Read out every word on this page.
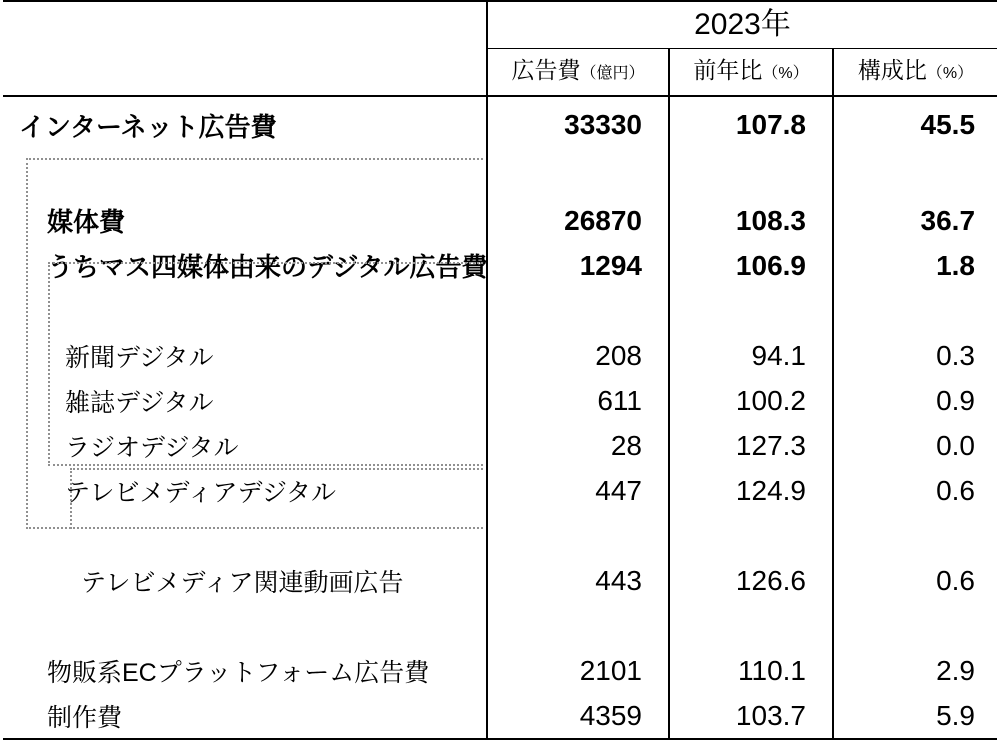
	2023年		
	広告費（億円）	前年比（%）	構成比（%）
インターネット広告費	33330	107.8	45.5

媒体費	26870	108.3	36.7
うちマス四媒体由来のデジタル広告費	1294	106.9	1.8

新聞デジタル	208	94.1	0.3
雑誌デジタル	611	100.2	0.9
ラジオデジタル	28	127.3	0.0
テレビメディアデジタル	447	124.9	0.6

テレビメディア関連動画広告	443	126.6	0.6

物販系ECプラットフォーム広告費	2101	110.1	2.9
制作費	4359	103.7	5.9
